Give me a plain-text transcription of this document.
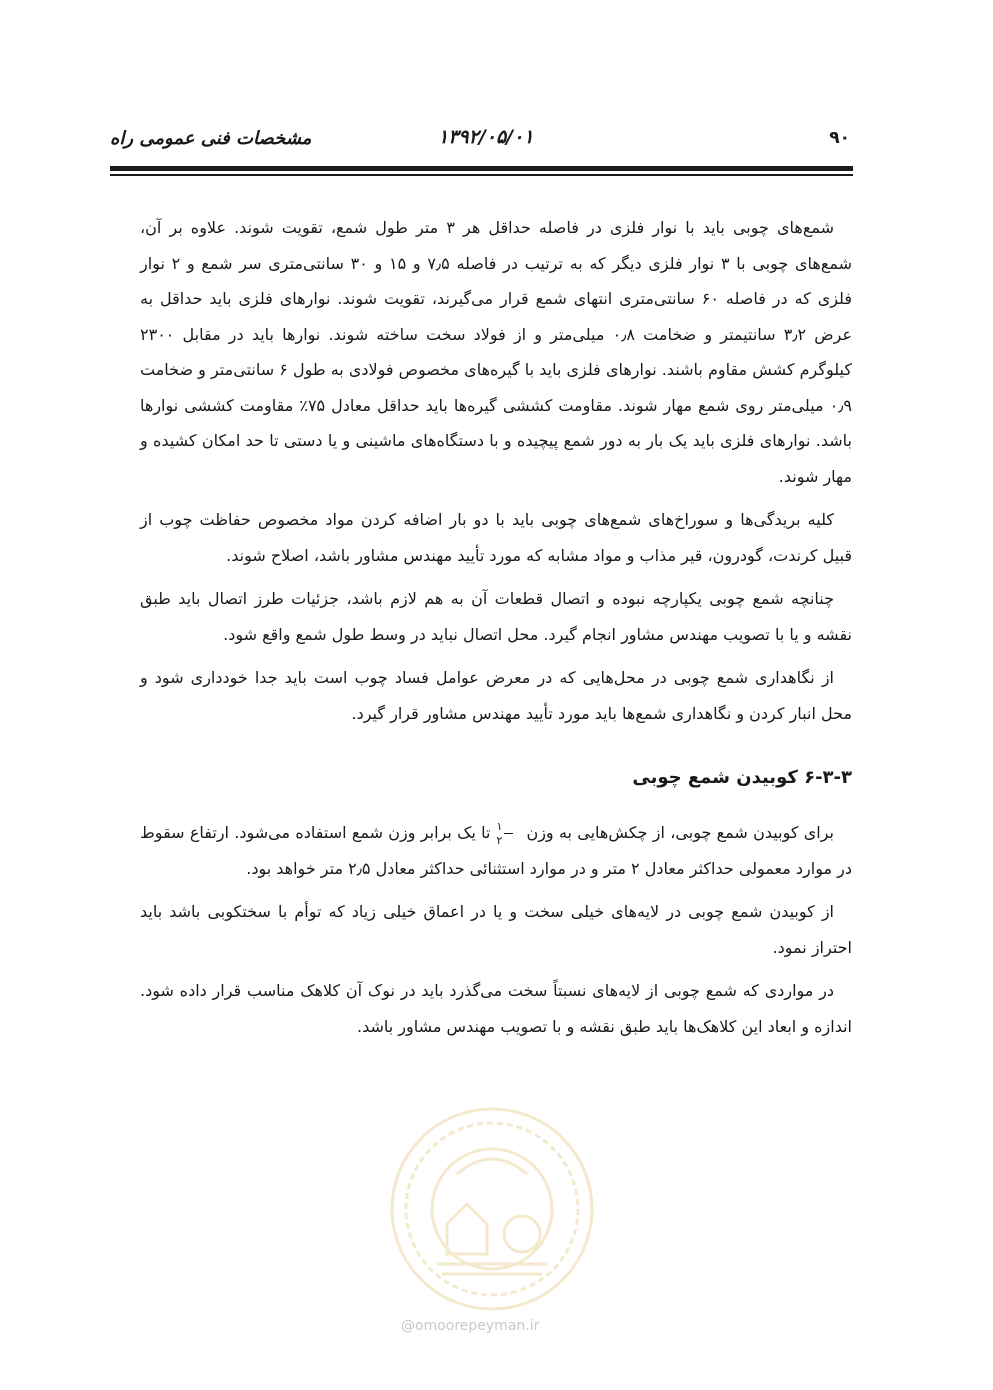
۹۰
۱۳۹۲/۰۵/۰۱
مشخصات فنی عمومی راه

شمع‌های چوبی باید با نوار فلزی در فاصله حداقل هر ۳ متر طول شمع، تقویت شوند. علاوه بر آن، شمع‌های چوبی با ۳ نوار فلزی دیگر که به ترتیب در فاصله ۷٫۵ و ۱۵ و ۳۰ سانتی‌متری سر شمع و ۲ نوار فلزی که در فاصله ۶۰ سانتی‌متری انتهای شمع قرار می‌گیرند، تقویت شوند. نوارهای فلزی باید حداقل به عرض ۳٫۲ سانتیمتر و ضخامت ۰٫۸ میلی‌متر و از فولاد سخت ساخته شوند. نوارها باید در مقابل ۲۳۰۰ کیلوگرم کشش مقاوم باشند. نوارهای فلزی باید با گیره‌های مخصوص فولادی به طول ۶ سانتی‌متر و ضخامت ۰٫۹ میلی‌متر روی شمع مهار شوند. مقاومت کششی گیره‌ها باید حداقل معادل ۷۵٪ مقاومت کششی نوارها باشد. نوارهای فلزی باید یک بار به دور شمع پیچیده و با دستگاه‌های ماشینی و یا دستی تا حد امکان کشیده و مهار شوند.

کلیه بریدگی‌ها و سوراخ‌های شمع‌های چوبی باید با دو بار اضافه کردن مواد مخصوص حفاظت چوب از قبیل کرندت، گودرون، قیر مذاب و مواد مشابه که مورد تأیید مهندس مشاور باشد، اصلاح شوند.

چنانچه شمع چوبی یکپارچه نبوده و اتصال قطعات آن به هم لازم باشد، جزئیات طرز اتصال باید طبق نقشه و یا با تصویب مهندس مشاور انجام گیرد. محل اتصال نباید در وسط طول شمع واقع شود.

از نگاهداری شمع چوبی در محل‌هایی که در معرض عوامل فساد چوب است باید جدا خودداری شود و محل انبار کردن و نگاهداری شمع‌ها باید مورد تأیید مهندس مشاور قرار گیرد.

۶-۳-۳ کوبیدن شمع چوبی

برای کوبیدن شمع چوبی، از چکش‌هایی به وزن
$\frac{۱}{۲}$
تا یک برابر وزن شمع استفاده می‌شود. ارتفاع سقوط در موارد معمولی حداکثر معادل ۲ متر و در موارد استثنائی حداکثر معادل ۲٫۵ متر خواهد بود.

از کوبیدن شمع چوبی در لایه‌های خیلی سخت و یا در اعماق خیلی زیاد که توأم با سختکوبی باشد باید احتراز نمود.

در مواردی که شمع چوبی از لایه‌های نسبتاً سخت می‌گذرد باید در نوک آن کلاهک مناسب قرار داده شود. اندازه و ابعاد این کلاهک‌ها باید طبق نقشه و با تصویب مهندس مشاور باشد.

@omoorepeyman.ir
